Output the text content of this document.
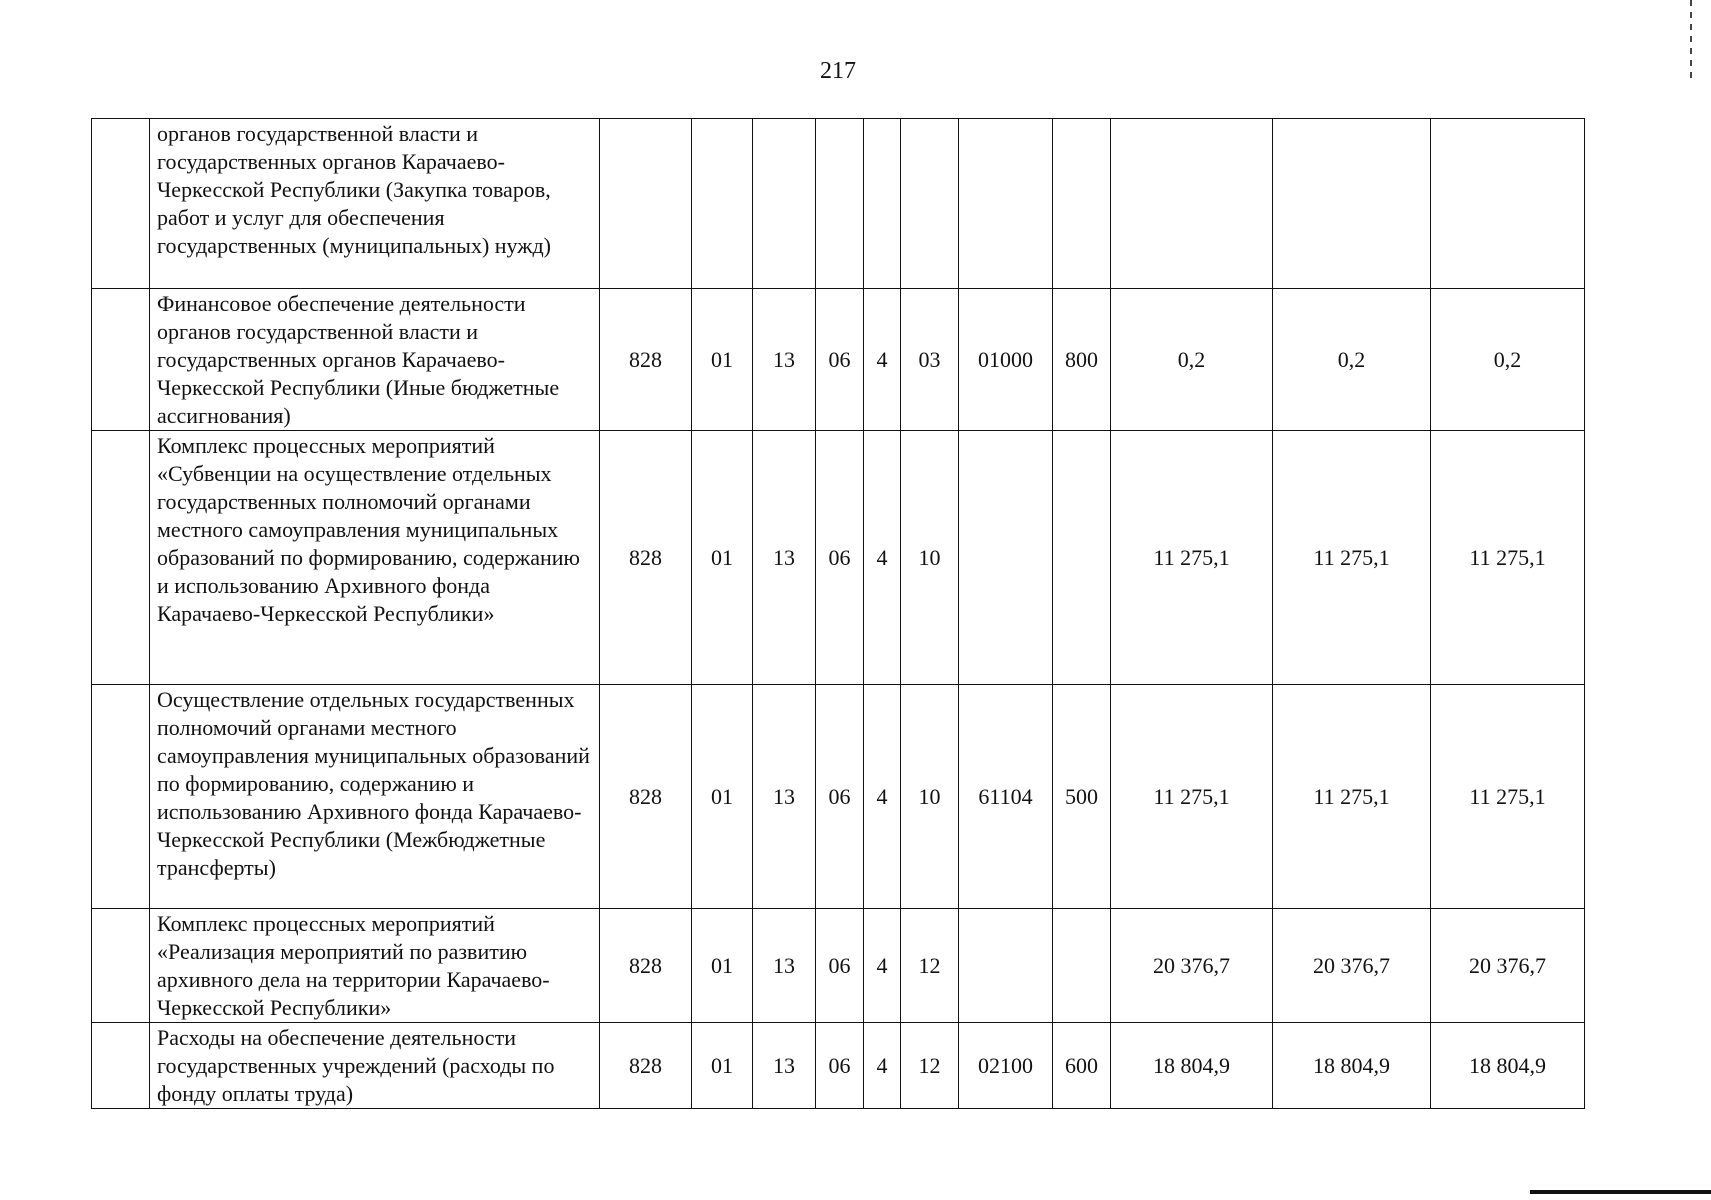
217
	органов государственной власти и государственных органов Карачаево-Черкесской Республики (Закупка товаров, работ и услуг для обеспечения государственных (муниципальных) нужд)											
	Финансовое обеспечение деятельности органов государственной власти и государственных органов Карачаево-Черкесской Республики (Иные бюджетные ассигнования)	828	01	13	06	4	03	01000	800	0,2	0,2	0,2
	Комплекс процессных мероприятий «Субвенции на осуществление отдельных государственных полномочий органами местного самоуправления муниципальных образований по формированию, содержанию и использованию Архивного фонда Карачаево-Черкесской Республики»	828	01	13	06	4	10			11 275,1	11 275,1	11 275,1
	Осуществление отдельных государственных полномочий органами местного самоуправления муниципальных образований по формированию, содержанию и использованию Архивного фонда Карачаево-Черкесской Республики (Межбюджетные трансферты)	828	01	13	06	4	10	61104	500	11 275,1	11 275,1	11 275,1
	Комплекс процессных мероприятий «Реализация мероприятий по развитию архивного дела на территории Карачаево-Черкесской Республики»	828	01	13	06	4	12			20 376,7	20 376,7	20 376,7
	Расходы на обеспечение деятельности государственных учреждений (расходы по фонду оплаты труда)	828	01	13	06	4	12	02100	600	18 804,9	18 804,9	18 804,9
